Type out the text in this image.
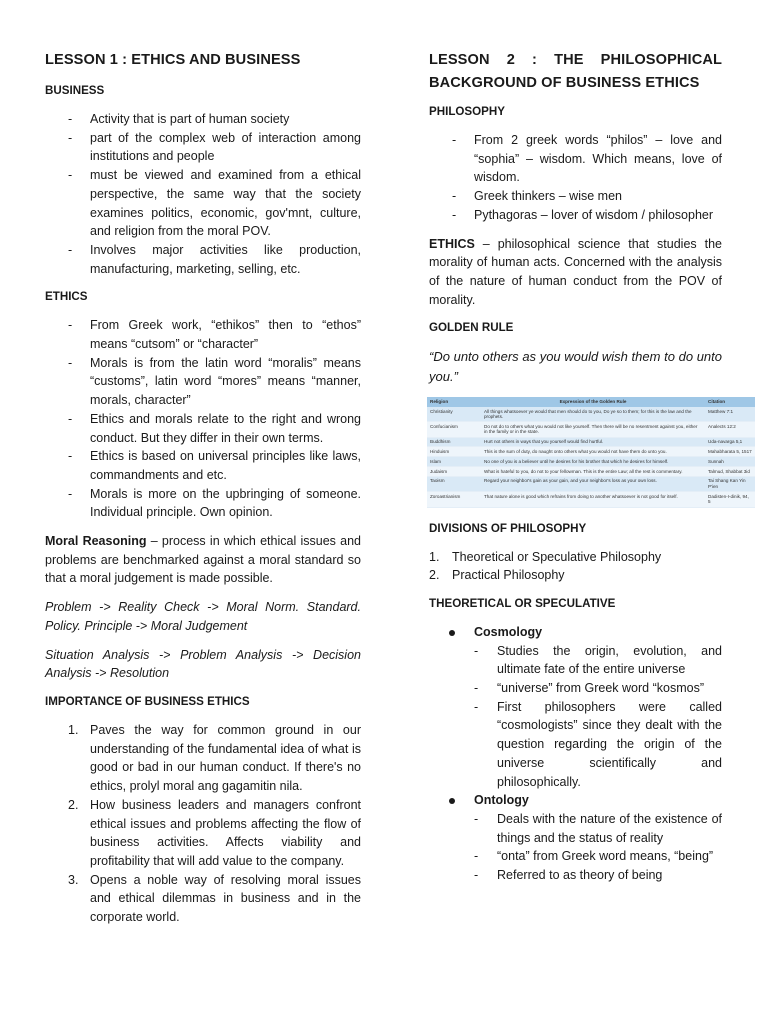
LESSON 1 : ETHICS AND BUSINESS
BUSINESS
- Activity that is part of human society
- part of the complex web of interaction among institutions and people
- must be viewed and examined from a ethical perspective, the same way that the society examines politics, economic, gov'mnt, culture, and religion from the moral POV.
- Involves major activities like production, manufacturing, marketing, selling, etc.
ETHICS
- From Greek work, “ethikos” then to “ethos” means “cutsom” or “character”
- Morals is from the latin word “moralis” means “customs”, latin word “mores” means “manner, morals, character”
- Ethics and morals relate to the right and wrong conduct. But they differ in their own terms.
- Ethics is based on universal principles like laws, commandments and etc.
- Morals is more on the upbringing of someone. Individual principle. Own opinion.

Moral Reasoning – process in which ethical issues and problems are benchmarked against a moral standard so that a moral judgement is made possible.

Problem -> Reality Check -> Moral Norm. Standard. Policy. Principle -> Moral Judgement

Situation Analysis -> Problem Analysis -> Decision Analysis -> Resolution

IMPORTANCE OF BUSINESS ETHICS
1. Paves the way for common ground in our understanding of the fundamental idea of what is good or bad in our human conduct. If there's no ethics, prolyl moral ang gagamitin nila.
2. How business leaders and managers confront ethical issues and problems affecting the flow of business activities. Affects viability and profitability that will add value to the company.
3. Opens a noble way of resolving moral issues and ethical dilemmas in business and in the corporate world.
LESSON 2 : THE PHILOSOPHICAL
BACKGROUND OF BUSINESS ETHICS
PHILOSOPHY
- From 2 greek words “philos” – love and “sophia” – wisdom. Which means, love of wisdom.
- Greek thinkers – wise men
- Pythagoras – lover of wisdom / philosopher

ETHICS – philosophical science that studies the morality of human acts. Concerned with the analysis of the nature of human conduct from the POV of morality.

GOLDEN RULE

“Do unto others as you would wish them to do unto you.”

Religion	Expression of the Golden Rule	Citation
Christianity	All things whatsoever ye would that men should do to you, Do ye so to them; for this is the law and the prophets.	Matthew 7:1
Confucianism	Do not do to others what you would not like yourself. Then there will be no resentment against you, either in the family or in the state.	Analects 12:2
Buddhism	Hurt not others in ways that you yourself would find hurtful.	Uda-navarga 5,1
Hinduism	This is the sum of duty, do naught onto others what you would not have them do unto you.	Mahabharata 5, 1517
Islam	No one of you is a believer until he desires for his brother that which he desires for himself.	Sunnah
Judaism	What is hateful to you, do not to your fellowman. This is the entire Law; all the rest is commentary.	Talmud, Shabbat 3id
Taoism	Regard your neighbor's gain as your gain, and your neighbor's loss as your own loss.	Tai Shang Kan Yin P'ien
Zoroastrianism	That nature alone is good which refrains from doing to another whatsoever is not good for itself.	Dadisten-I-dinik, 94, 5
DIVISIONS OF PHILOSOPHY
1. Theoretical or Speculative Philosophy
2. Practical Philosophy
THEORETICAL OR SPECULATIVE
Cosmology
- Studies the origin, evolution, and ultimate fate of the entire universe
- “universe” from Greek word “kosmos”
- First philosophers were called “cosmologists” since they dealt with the question regarding the origin of the universe scientifically and philosophically.
Ontology
- Deals with the nature of the existence of things and the status of reality
- “onta” from Greek word means, “being”
- Referred to as theory of being
